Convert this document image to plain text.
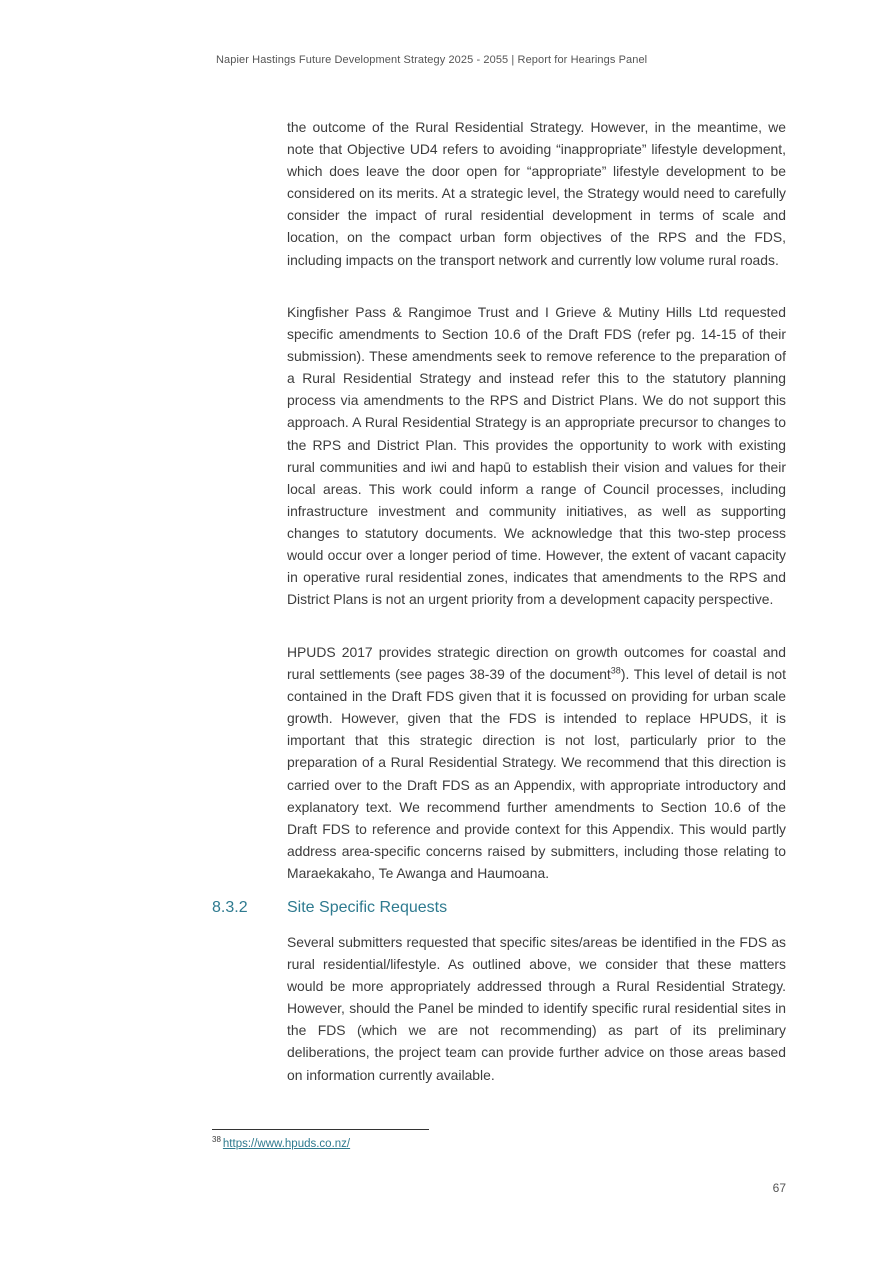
Napier Hastings Future Development Strategy 2025 - 2055 | Report for Hearings Panel

the outcome of the Rural Residential Strategy. However, in the meantime, we note that Objective UD4 refers to avoiding “inappropriate” lifestyle development, which does leave the door open for “appropriate” lifestyle development to be considered on its merits. At a strategic level, the Strategy would need to carefully consider the impact of rural residential development in terms of scale and location, on the compact urban form objectives of the RPS and the FDS, including impacts on the transport network and currently low volume rural roads.

Kingfisher Pass & Rangimoe Trust and I Grieve & Mutiny Hills Ltd requested specific amendments to Section 10.6 of the Draft FDS (refer pg. 14-15 of their submission). These amendments seek to remove reference to the preparation of a Rural Residential Strategy and instead refer this to the statutory planning process via amendments to the RPS and District Plans. We do not support this approach. A Rural Residential Strategy is an appropriate precursor to changes to the RPS and District Plan. This provides the opportunity to work with existing rural communities and iwi and hapū to establish their vision and values for their local areas. This work could inform a range of Council processes, including infrastructure investment and community initiatives, as well as supporting changes to statutory documents. We acknowledge that this two-step process would occur over a longer period of time. However, the extent of vacant capacity in operative rural residential zones, indicates that amendments to the RPS and District Plans is not an urgent priority from a development capacity perspective.

HPUDS 2017 provides strategic direction on growth outcomes for coastal and rural settlements (see pages 38-39 of the document$^{38}$). This level of detail is not contained in the Draft FDS given that it is focussed on providing for urban scale growth. However, given that the FDS is intended to replace HPUDS, it is important that this strategic direction is not lost, particularly prior to the preparation of a Rural Residential Strategy. We recommend that this direction is carried over to the Draft FDS as an Appendix, with appropriate introductory and explanatory text. We recommend further amendments to Section 10.6 of the Draft FDS to reference and provide context for this Appendix. This would partly address area-specific concerns raised by submitters, including those relating to Maraekakaho, Te Awanga and Haumoana.

8.3.2 Site Specific Requests

Several submitters requested that specific sites/areas be identified in the FDS as rural residential/lifestyle. As outlined above, we consider that these matters would be more appropriately addressed through a Rural Residential Strategy. However, should the Panel be minded to identify specific rural residential sites in the FDS (which we are not recommending) as part of its preliminary deliberations, the project team can provide further advice on those areas based on information currently available.

$^{38}$ https://www.hpuds.co.nz/
67
